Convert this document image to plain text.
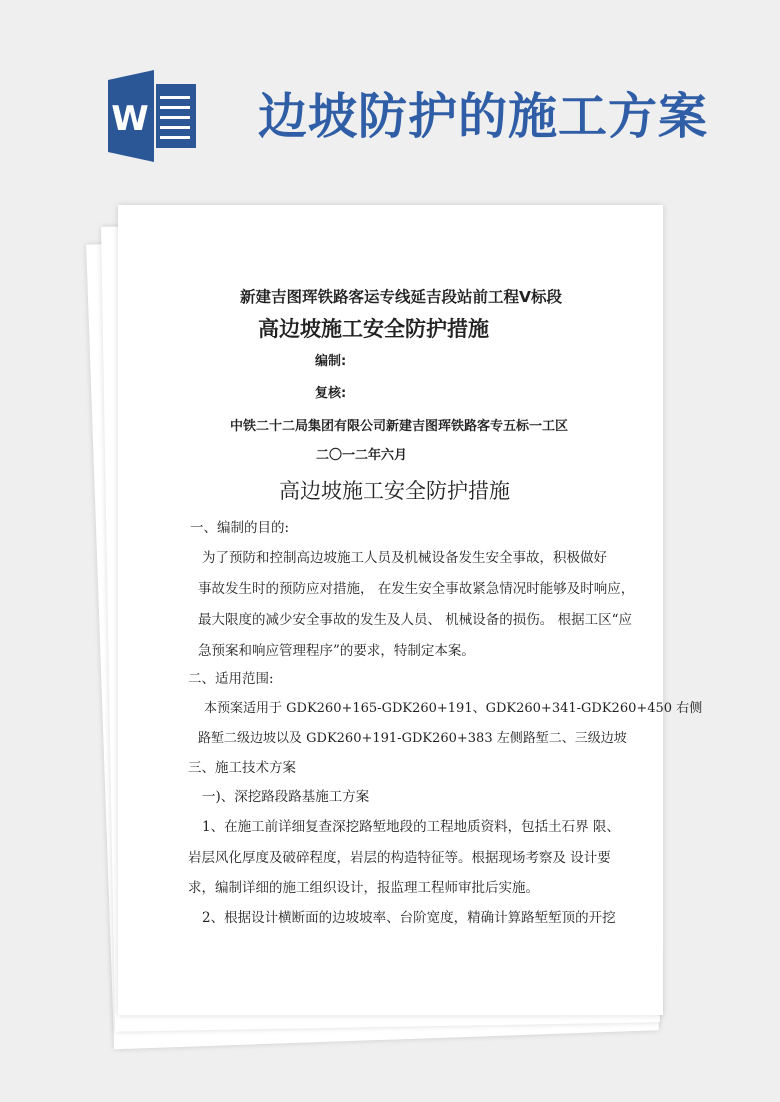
W 边坡防护的施工方案
新建吉图珲铁路客运专线延吉段站前工程Ⅴ标段
高边坡施工安全防护措施
编制:
复核:
中铁二十二局集团有限公司新建吉图珲铁路客专五标一工区
二〇一二年六月
高边坡施工安全防护措施
一、编制的目的:
为了预防和控制高边坡施工人员及机械设备发生安全事故，积极做好
事故发生时的预防应对措施， 在发生安全事故紧急情况时能够及时响应，
最大限度的减少安全事故的发生及人员、 机械设备的损伤。 根据工区“应
急预案和响应管理程序”的要求，特制定本案。
二、适用范围:
本预案适用于 GDK260+165-GDK260+191、GDK260+341-GDK260+450 右侧
路堑二级边坡以及 GDK260+191-GDK260+383 左侧路堑二、三级边坡
三、施工技术方案
一)、深挖路段路基施工方案
1、在施工前详细复查深挖路堑地段的工程地质资料，包括土石界 限、
岩层风化厚度及破碎程度，岩层的构造特征等。根据现场考察及 设计要
求，编制详细的施工组织设计，报监理工程师审批后实施。
2、根据设计横断面的边坡坡率、台阶宽度，精确计算路堑堑顶的开挖
